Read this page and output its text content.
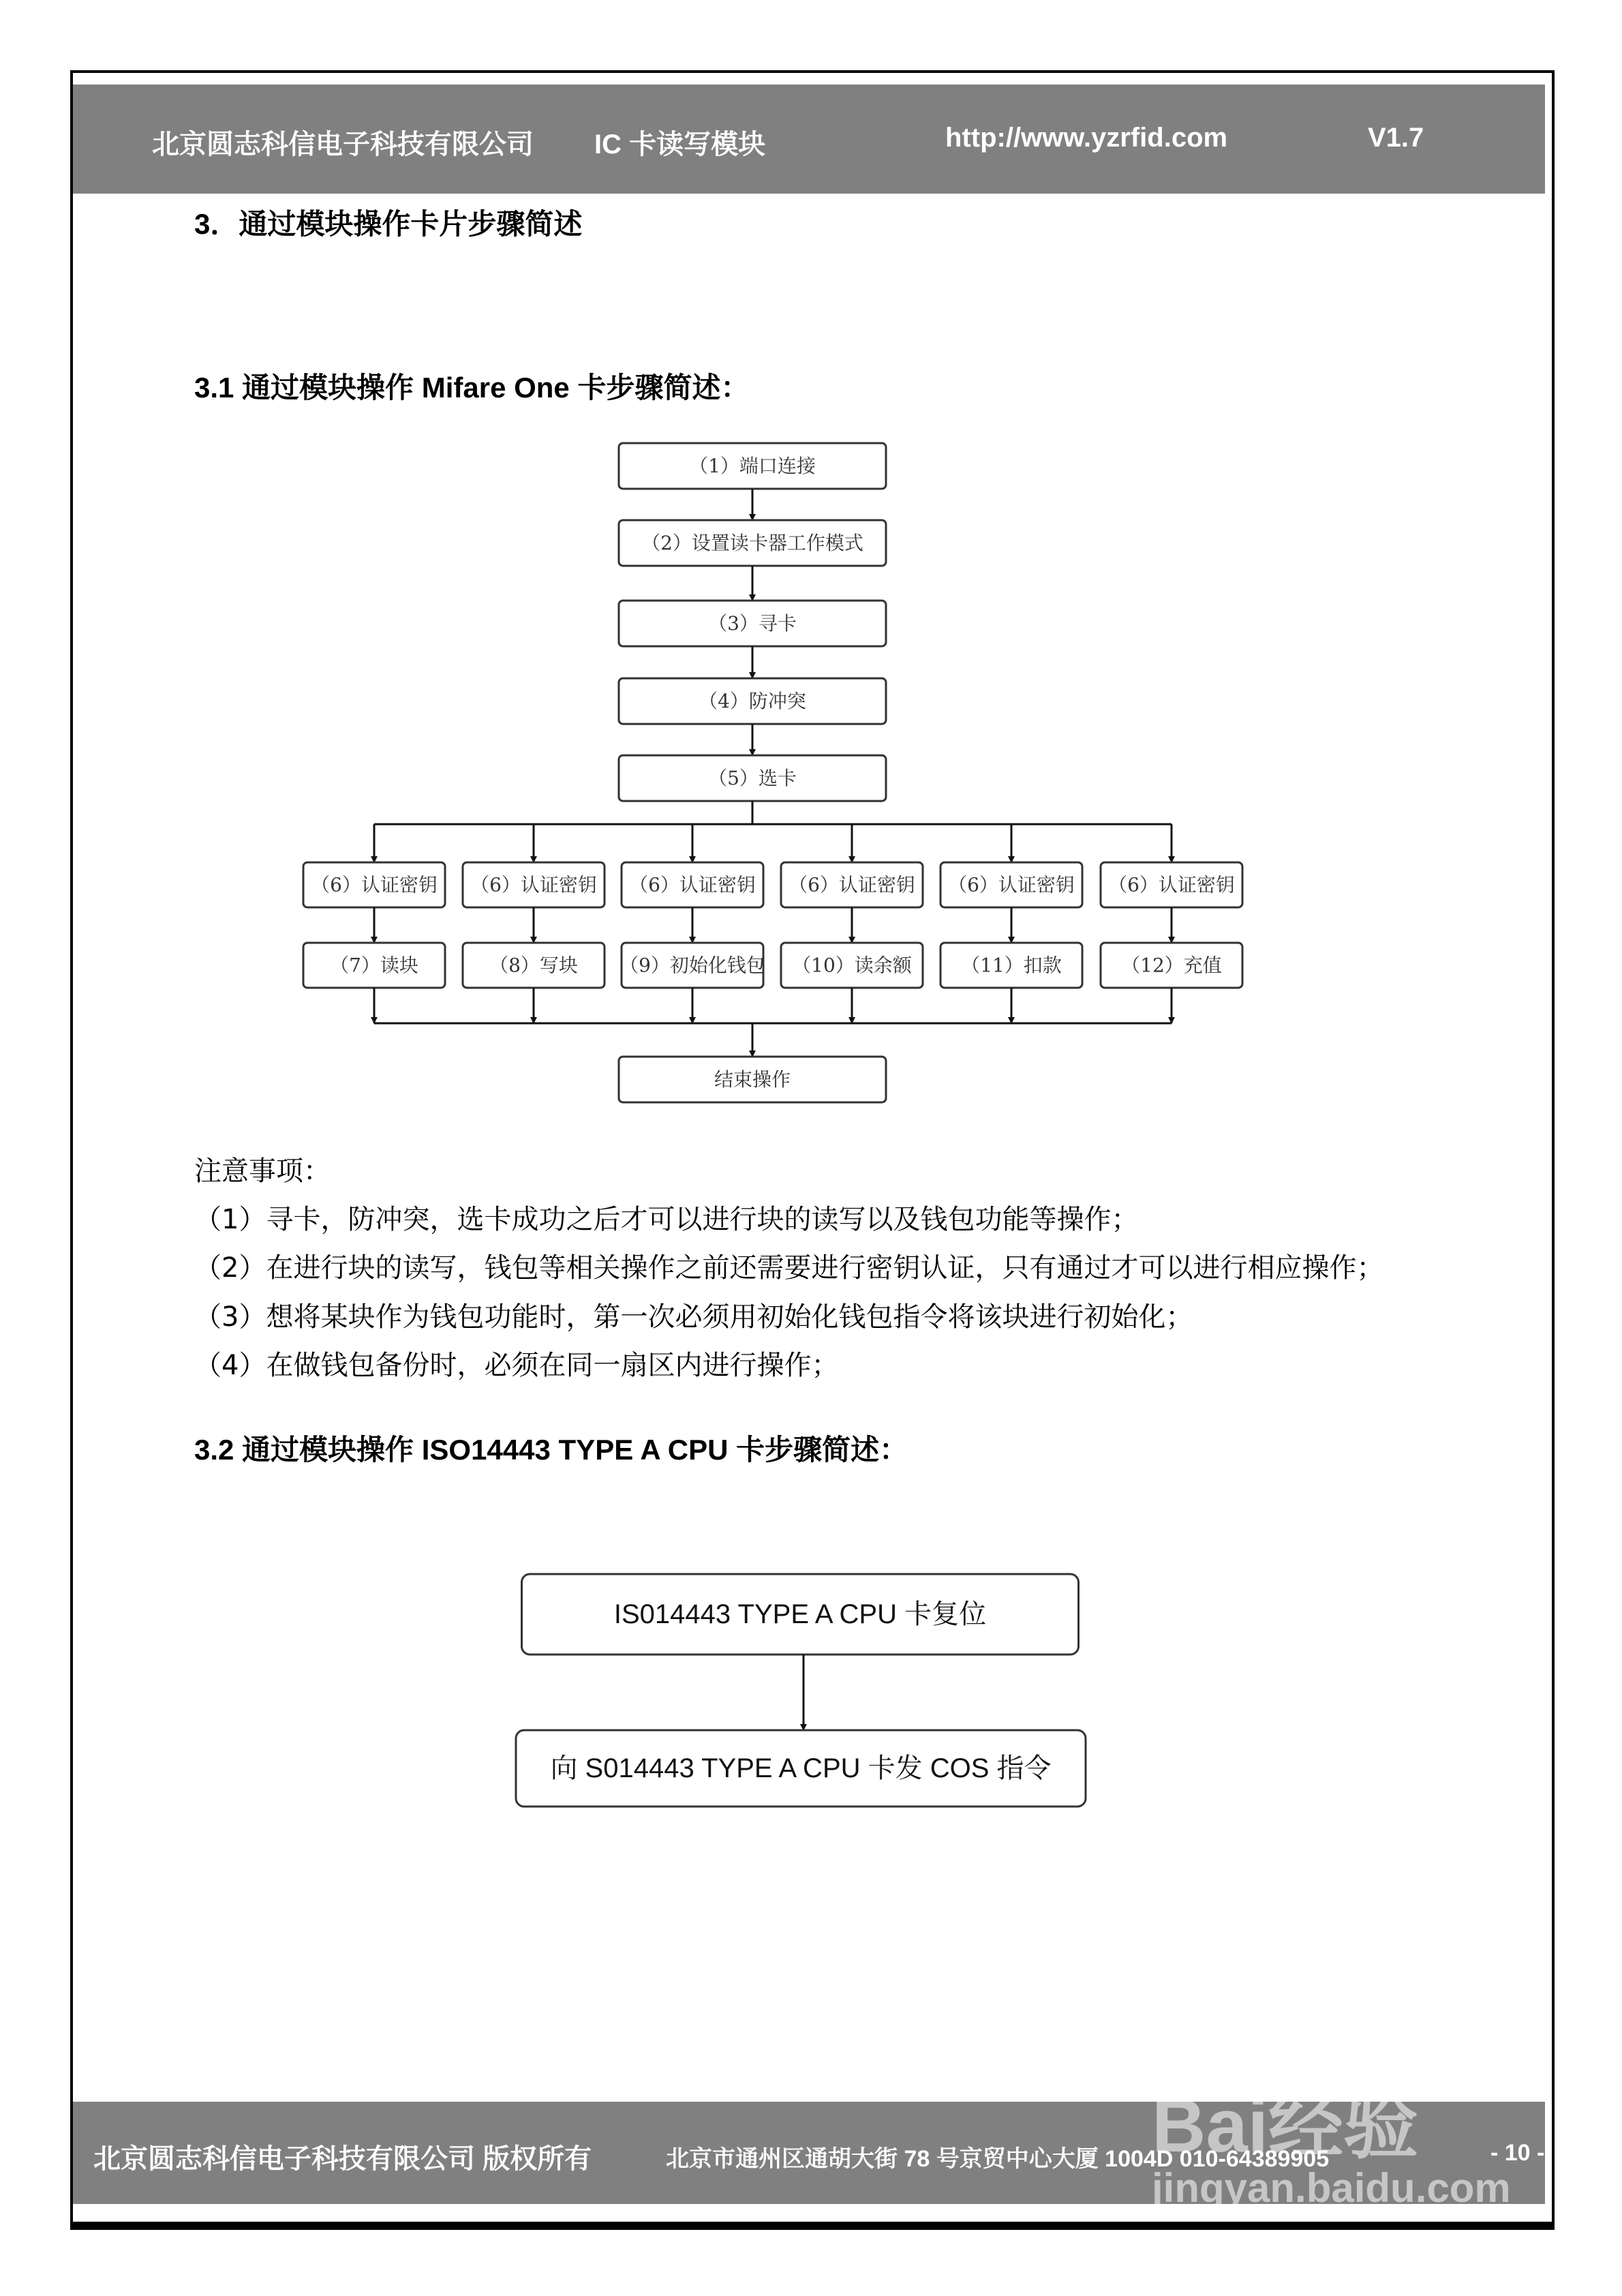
北京圆志科信电子科技有限公司 IC 卡读写模块	http://www.yzrfid.com	V1.7
3．通过模块操作卡片步骤简述
3.1 通过模块操作 Mifare One 卡步骤简述：
（1）端口连接
（2）设置读卡器工作模式
（3）寻卡
（4）防冲突
（5）选卡
（6）认证密钥
（7）读块
（6）认证密钥
（8）写块
（6）认证密钥
（9）初始化钱包
（6）认证密钥
（10）读余额
（6）认证密钥
（11）扣款
（6）认证密钥
（12）充值
结束操作
IS014443 TYPE A CPU 卡复位
向 S014443 TYPE A CPU 卡发 COS 指令
注意事项：
（1）寻卡，防冲突，选卡成功之后才可以进行块的读写以及钱包功能等操作；
（2）在进行块的读写，钱包等相关操作之前还需要进行密钥认证，只有通过才可以进行相应操作；
（3）想将某块作为钱包功能时，第一次必须用初始化钱包指令将该块进行初始化；
（4）在做钱包备份时，必须在同一扇区内进行操作；
3.2 通过模块操作 ISO14443 TYPE A CPU 卡步骤简述：
北京圆志科信电子科技有限公司 版权所有	北京市通州区通胡大街 78 号京贸中心大厦 1004D 010-64389905	- 10 -
Bai经验
jingyan.baidu.com
